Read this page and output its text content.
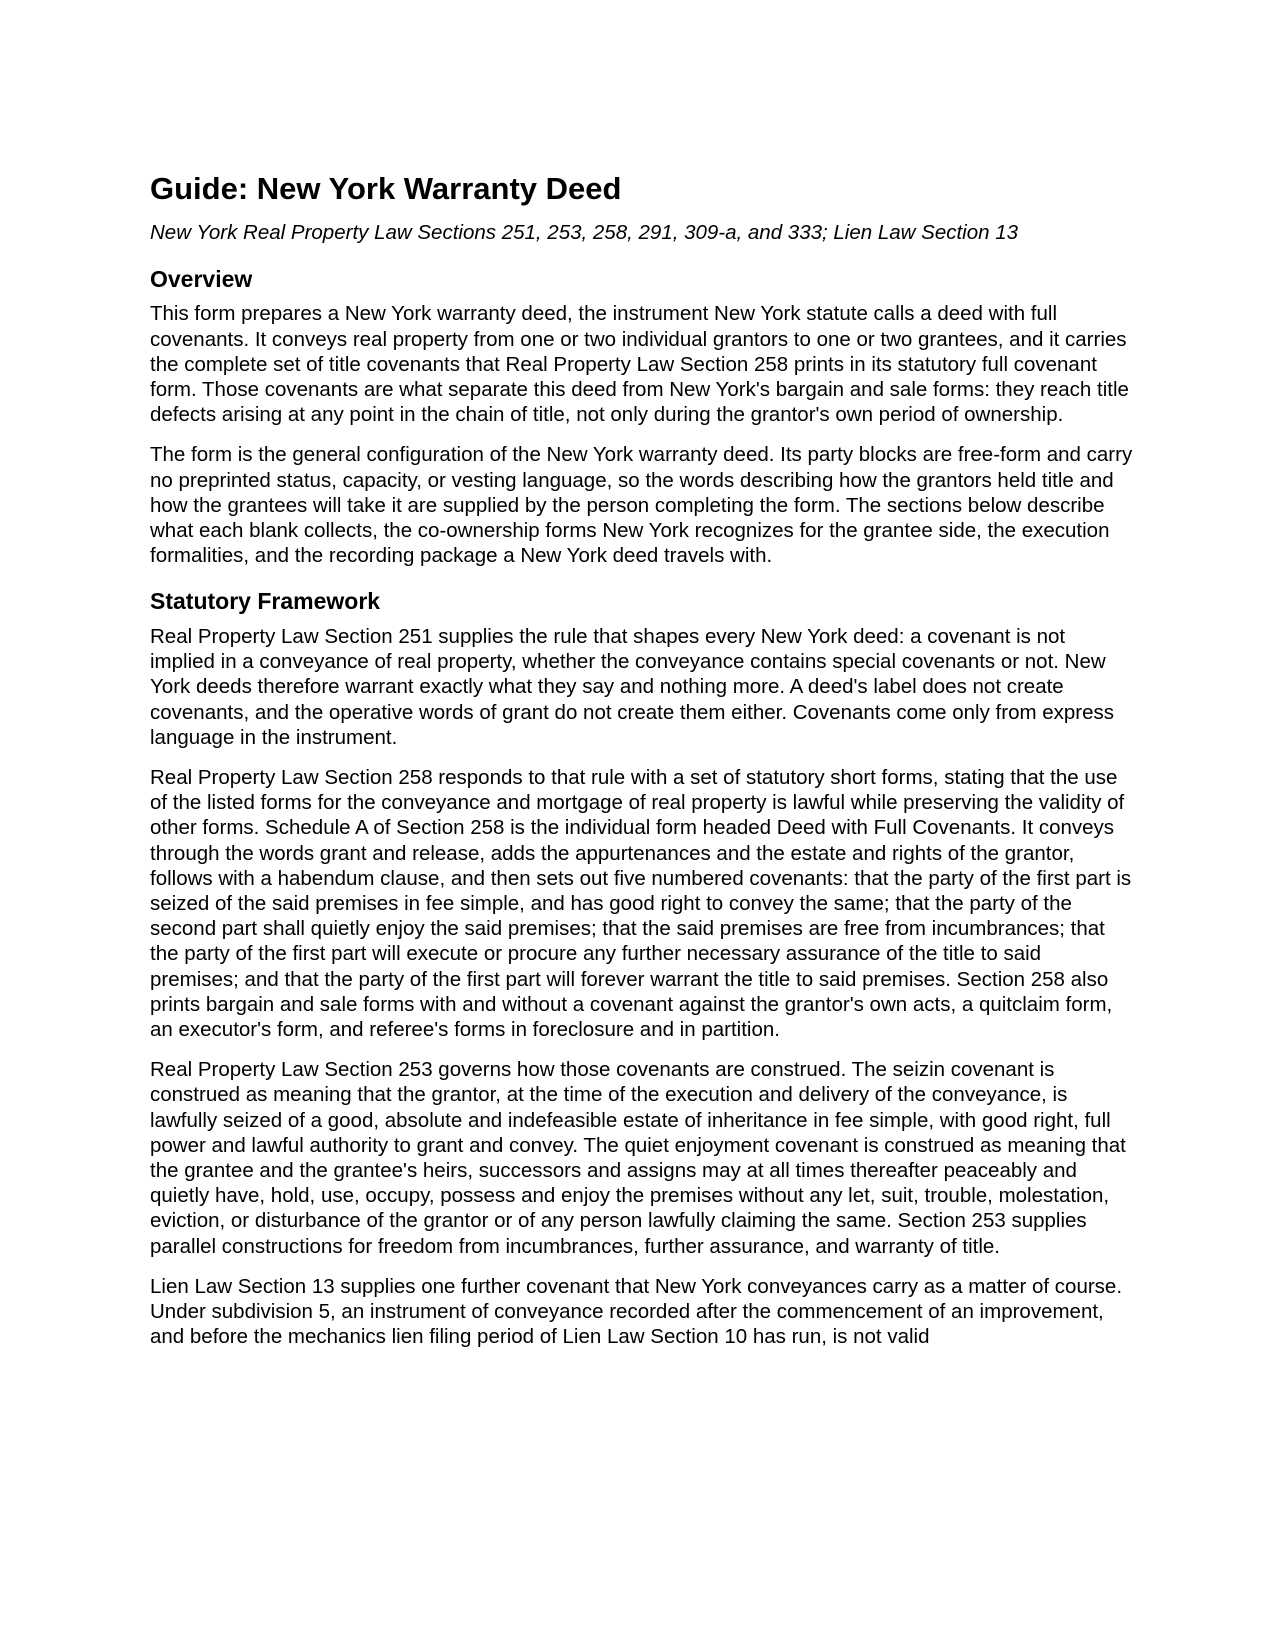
Guide: New York Warranty Deed
New York Real Property Law Sections 251, 253, 258, 291, 309-a, and 333; Lien Law Section 13
Overview

This form prepares a New York warranty deed, the instrument New York statute calls a deed with full covenants. It conveys real property from one or two individual grantors to one or two grantees, and it carries the complete set of title covenants that Real Property Law Section 258 prints in its statutory full covenant form. Those covenants are what separate this deed from New York's bargain and sale forms: they reach title defects arising at any point in the chain of title, not only during the grantor's own period of ownership.

The form is the general configuration of the New York warranty deed. Its party blocks are free-form and carry no preprinted status, capacity, or vesting language, so the words describing how the grantors held title and how the grantees will take it are supplied by the person completing the form. The sections below describe what each blank collects, the co-ownership forms New York recognizes for the grantee side, the execution formalities, and the recording package a New York deed travels with.

Statutory Framework

Real Property Law Section 251 supplies the rule that shapes every New York deed: a covenant is not implied in a conveyance of real property, whether the conveyance contains special covenants or not. New York deeds therefore warrant exactly what they say and nothing more. A deed's label does not create covenants, and the operative words of grant do not create them either. Covenants come only from express language in the instrument.

Real Property Law Section 258 responds to that rule with a set of statutory short forms, stating that the use of the listed forms for the conveyance and mortgage of real property is lawful while preserving the validity of other forms. Schedule A of Section 258 is the individual form headed Deed with Full Covenants. It conveys through the words grant and release, adds the appurtenances and the estate and rights of the grantor, follows with a habendum clause, and then sets out five numbered covenants: that the party of the first part is seized of the said premises in fee simple, and has good right to convey the same; that the party of the second part shall quietly enjoy the said premises; that the said premises are free from incumbrances; that the party of the first part will execute or procure any further necessary assurance of the title to said premises; and that the party of the first part will forever warrant the title to said premises. Section 258 also prints bargain and sale forms with and without a covenant against the grantor's own acts, a quitclaim form, an executor's form, and referee's forms in foreclosure and in partition.

Real Property Law Section 253 governs how those covenants are construed. The seizin covenant is construed as meaning that the grantor, at the time of the execution and delivery of the conveyance, is lawfully seized of a good, absolute and indefeasible estate of inheritance in fee simple, with good right, full power and lawful authority to grant and convey. The quiet enjoyment covenant is construed as meaning that the grantee and the grantee's heirs, successors and assigns may at all times thereafter peaceably and quietly have, hold, use, occupy, possess and enjoy the premises without any let, suit, trouble, molestation, eviction, or disturbance of the grantor or of any person lawfully claiming the same. Section 253 supplies parallel constructions for freedom from incumbrances, further assurance, and warranty of title.

Lien Law Section 13 supplies one further covenant that New York conveyances carry as a matter of course. Under subdivision 5, an instrument of conveyance recorded after the commencement of an improvement, and before the mechanics lien filing period of Lien Law Section 10 has run, is not valid
